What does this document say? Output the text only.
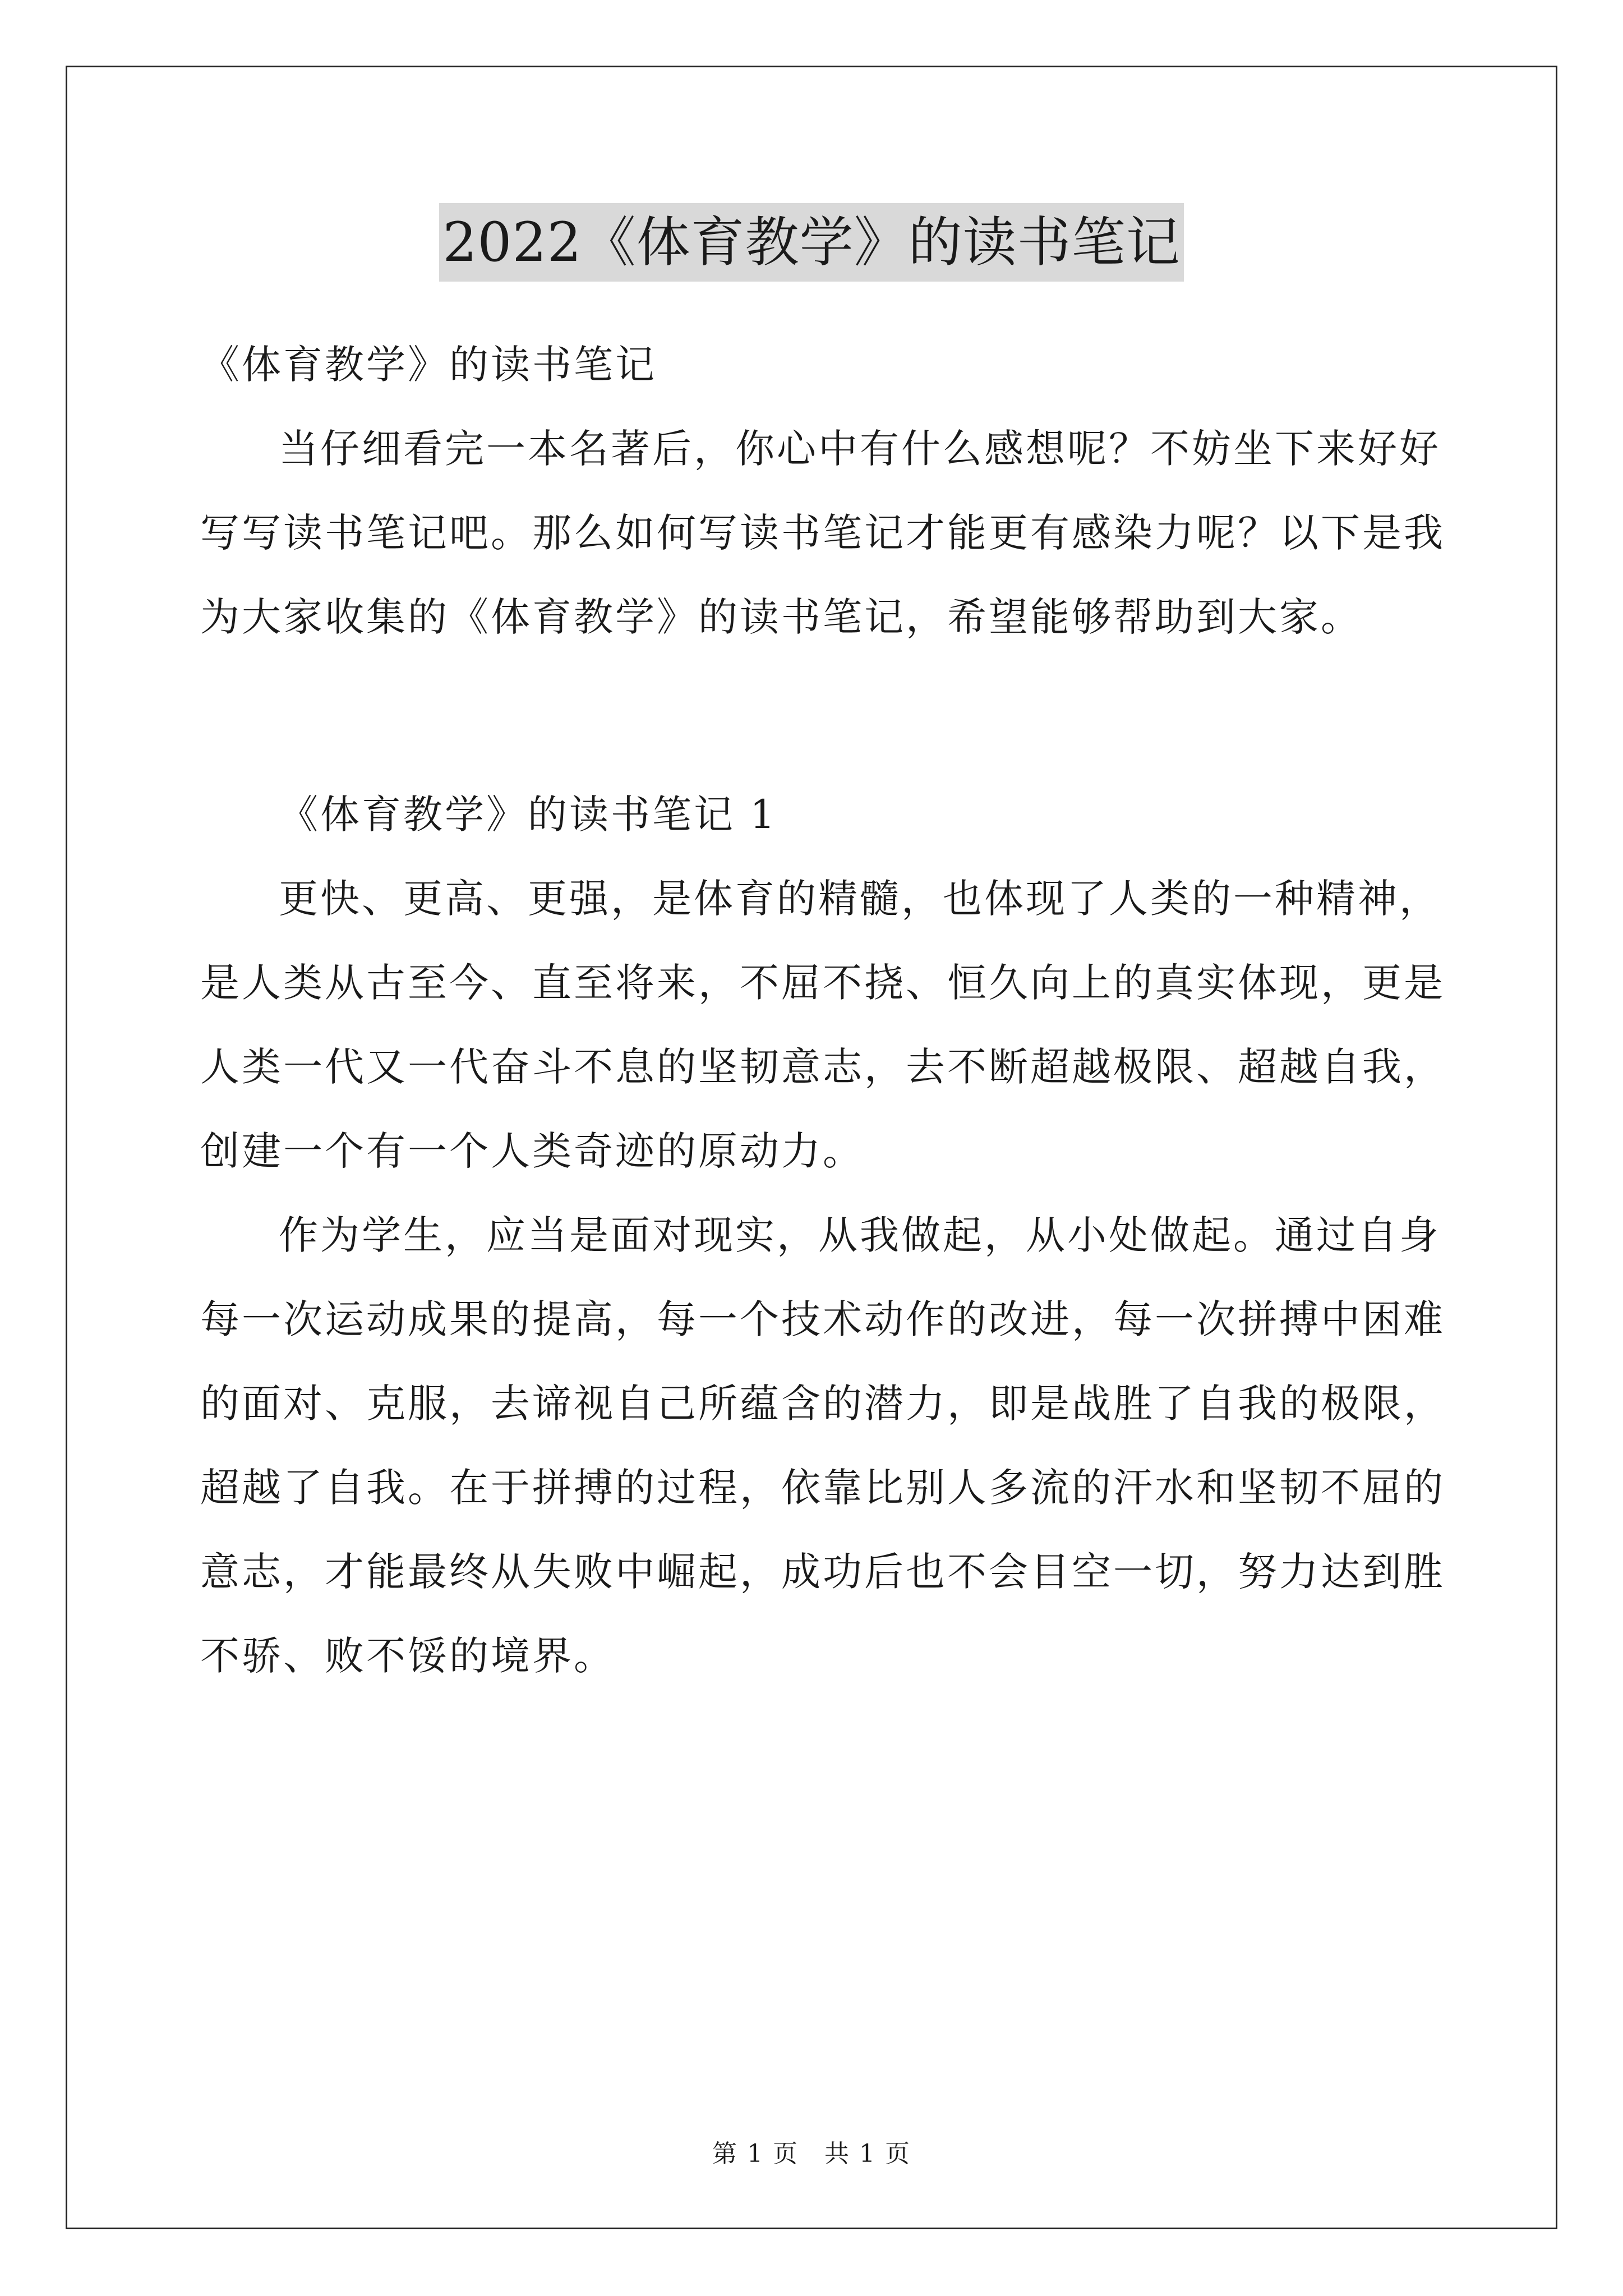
2022《体育教学》的读书笔记
《体育教学》的读书笔记
当仔细看完一本名著后，你心中有什么感想呢？不妨坐下来好好
写写读书笔记吧。那么如何写读书笔记才能更有感染力呢？以下是我
为大家收集的《体育教学》的读书笔记，希望能够帮助到大家。
《体育教学》的读书笔记 1
更快、更高、更强，是体育的精髓，也体现了人类的一种精神，
是人类从古至今、直至将来，不屈不挠、恒久向上的真实体现，更是
人类一代又一代奋斗不息的坚韧意志，去不断超越极限、超越自我，
创建一个有一个人类奇迹的原动力。
作为学生，应当是面对现实，从我做起，从小处做起。通过自身
每一次运动成果的提高，每一个技术动作的改进，每一次拼搏中困难
的面对、克服，去谛视自己所蕴含的潜力，即是战胜了自我的极限，
超越了自我。在于拼搏的过程，依靠比别人多流的汗水和坚韧不屈的
意志，才能最终从失败中崛起，成功后也不会目空一切，努力达到胜
不骄、败不馁的境界。
第 1 页　共 1 页
